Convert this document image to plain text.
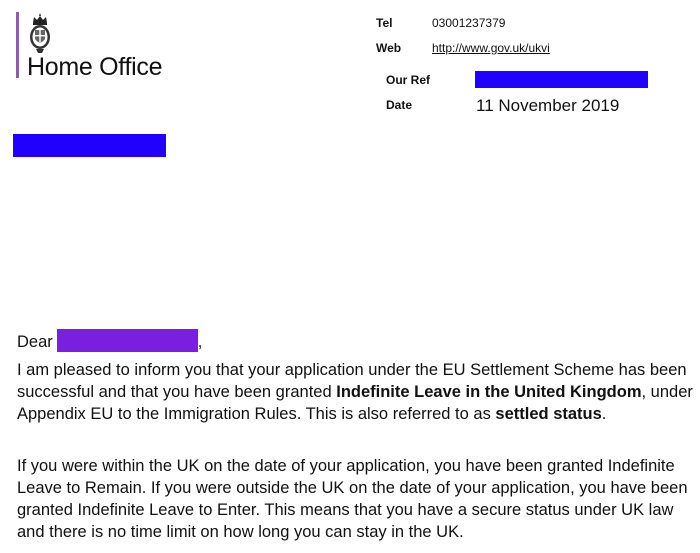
Home Office
Tel	03001237379
Web	http://www.gov.uk/ukvi
Our Ref
Date	11 November 2019
Dear	,
I am pleased to inform you that your application under the EU Settlement Scheme has been successful and that you have been granted Indefinite Leave in the United Kingdom, under Appendix EU to the Immigration Rules. This is also referred to as settled status.
If you were within the UK on the date of your application, you have been granted Indefinite Leave to Remain. If you were outside the UK on the date of your application, you have been granted Indefinite Leave to Enter. This means that you have a secure status under UK law and there is no time limit on how long you can stay in the UK.
